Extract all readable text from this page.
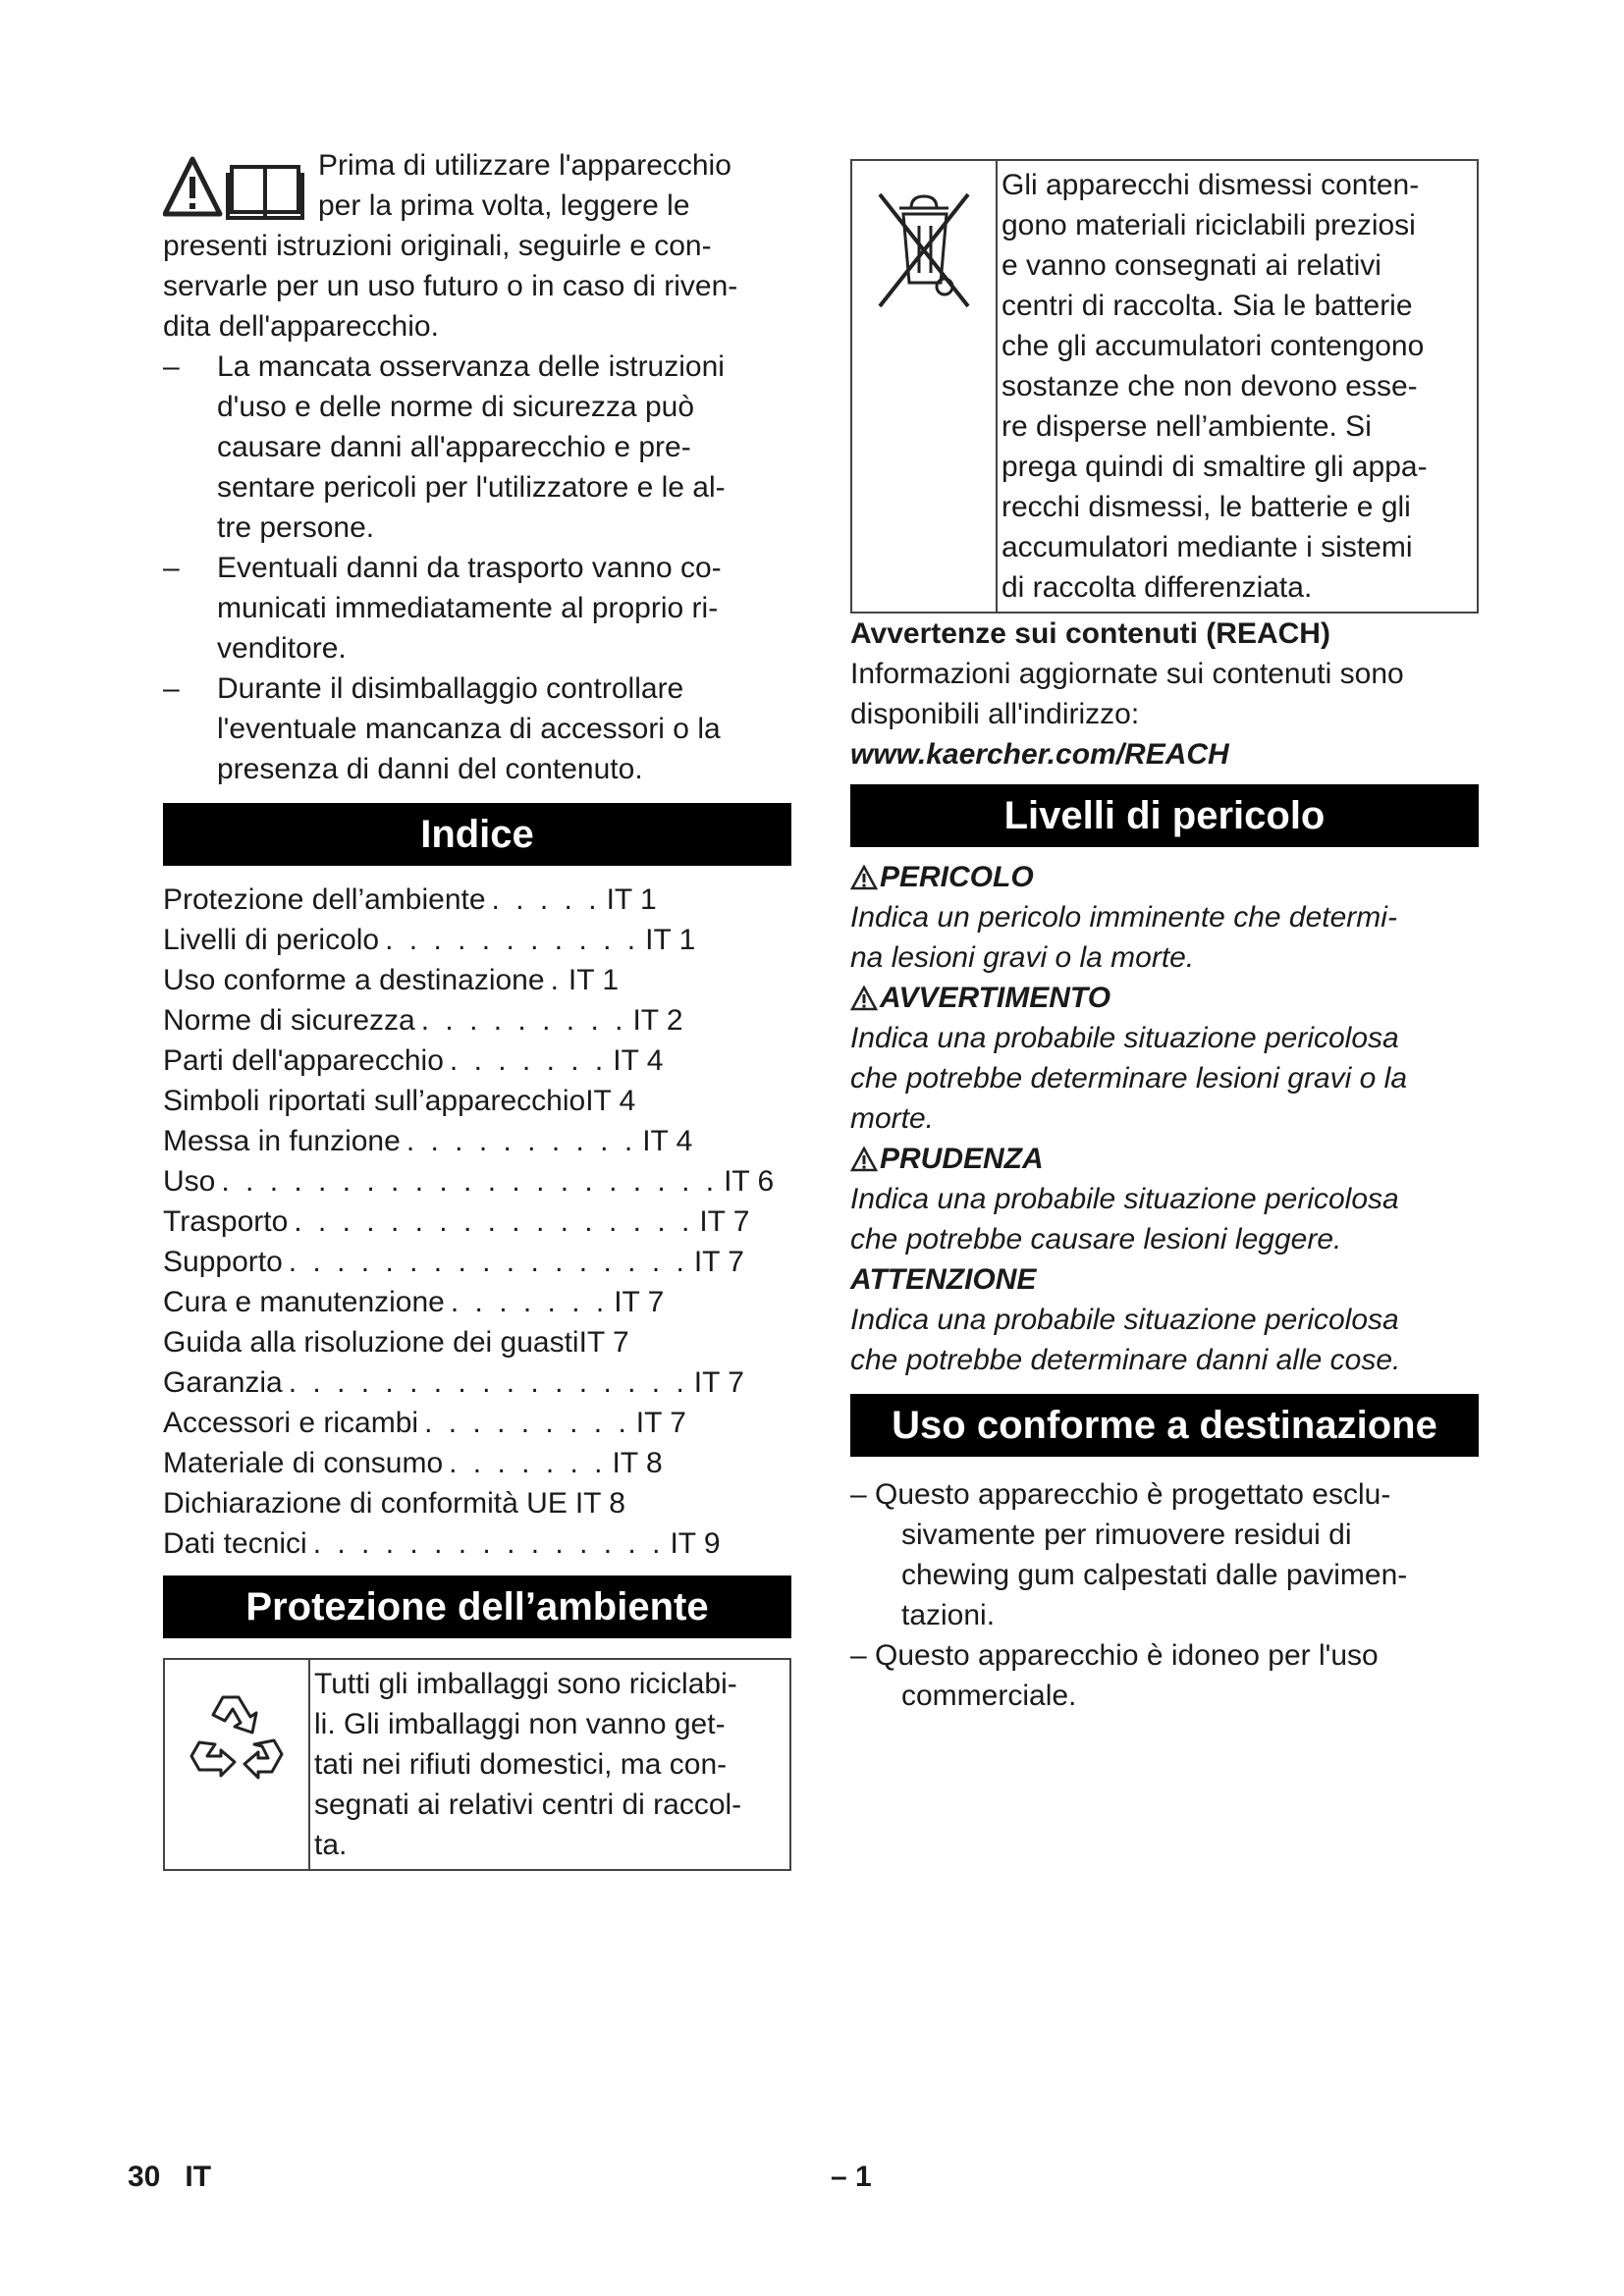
Prima di utilizzare l'apparecchio
per la prima volta, leggere le
presenti istruzioni originali, seguirle e con-
servarle per un uso futuro o in caso di riven-
dita dell'apparecchio.
– La mancata osservanza delle istruzioni
d'uso e delle norme di sicurezza può
causare danni all'apparecchio e pre-
sentare pericoli per l'utilizzatore e le al-
tre persone.
– Eventuali danni da trasporto vanno co-
municati immediatamente al proprio ri-
venditore.
– Durante il disimballaggio controllare
l'eventuale mancanza di accessori o la
presenza di danni del contenuto.
Indice
Protezione dell’ambiente . . . . . IT 1
Livelli di pericolo . . . . . . . . . . . IT 1
Uso conforme a destinazione . IT 1
Norme di sicurezza . . . . . . . . . IT 2
Parti dell'apparecchio . . . . . . . IT 4
Simboli riportati sull’apparecchio IT 4
Messa in funzione . . . . . . . . . . IT 4
Uso . . . . . . . . . . . . . . . . . . . . . IT 6
Trasporto . . . . . . . . . . . . . . . . . IT 7
Supporto . . . . . . . . . . . . . . . . . IT 7
Cura e manutenzione . . . . . . . IT 7
Guida alla risoluzione dei guasti IT 7
Garanzia . . . . . . . . . . . . . . . . . IT 7
Accessori e ricambi . . . . . . . . . IT 7
Materiale di consumo . . . . . . . IT 8
Dichiarazione di conformità UE IT 8
Dati tecnici . . . . . . . . . . . . . . . IT 9
Protezione dell’ambiente
Tutti gli imballaggi sono riciclabi-
li. Gli imballaggi non vanno get-
tati nei rifiuti domestici, ma con-
segnati ai relativi centri di raccol-
ta.
Gli apparecchi dismessi conten-
gono materiali riciclabili preziosi
e vanno consegnati ai relativi
centri di raccolta. Sia le batterie
che gli accumulatori contengono
sostanze che non devono esse-
re disperse nell’ambiente. Si
prega quindi di smaltire gli appa-
recchi dismessi, le batterie e gli
accumulatori mediante i sistemi
di raccolta differenziata.
Avvertenze sui contenuti (REACH)
Informazioni aggiornate sui contenuti sono
disponibili all'indirizzo:
www.kaercher.com/REACH
Livelli di pericolo
PERICOLO
Indica un pericolo imminente che determi-
na lesioni gravi o la morte.
AVVERTIMENTO
Indica una probabile situazione pericolosa
che potrebbe determinare lesioni gravi o la
morte.
PRUDENZA
Indica una probabile situazione pericolosa
che potrebbe causare lesioni leggere.
ATTENZIONE
Indica una probabile situazione pericolosa
che potrebbe determinare danni alle cose.
Uso conforme a destinazione
– Questo apparecchio è progettato esclu-
sivamente per rimuovere residui di
chewing gum calpestati dalle pavimen-
tazioni.
– Questo apparecchio è idoneo per l'uso
commerciale.
30 IT	– 1
